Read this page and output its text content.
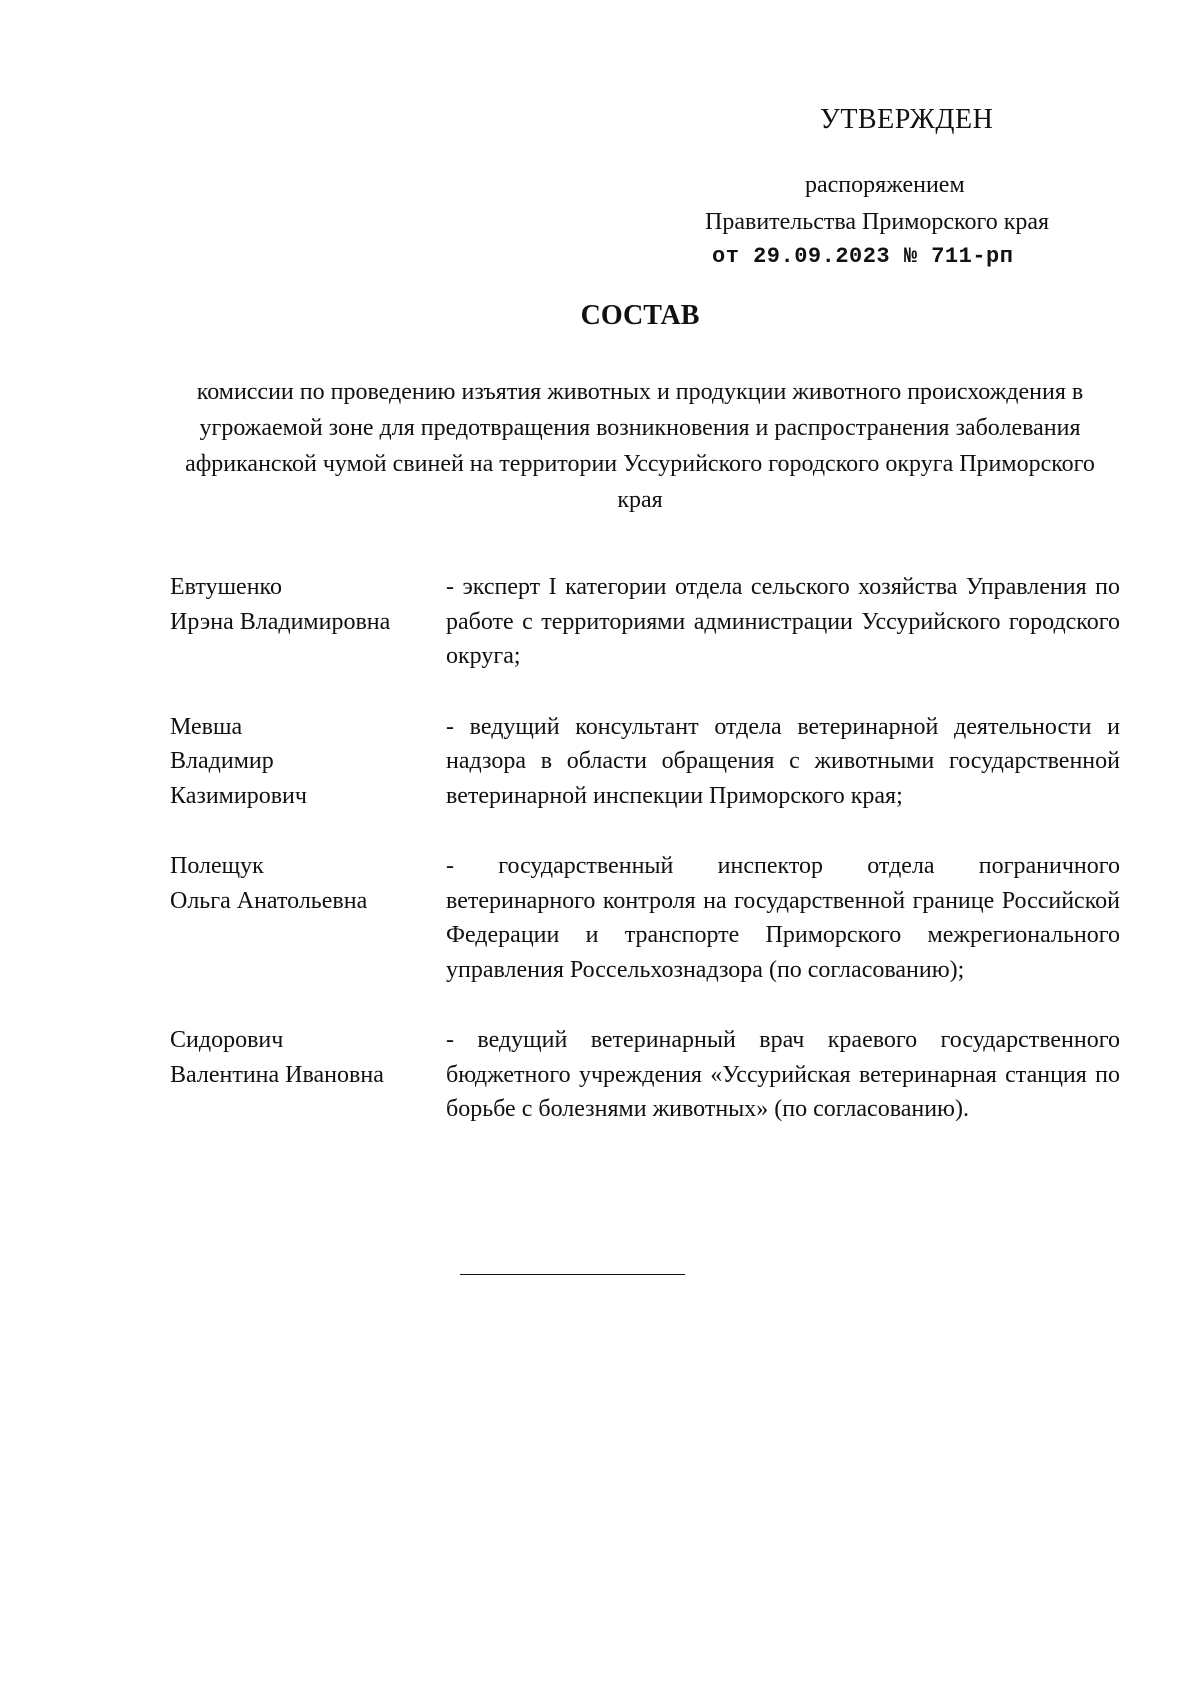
УТВЕРЖДЕН
распоряжением
Правительства Приморского края
от 29.09.2023 № 711-рп
СОСТАВ
комиссии по проведению изъятия животных и продукции животного происхождения в угрожаемой зоне для предотвращения возникновения и распространения заболевания африканской чумой свиней на территории Уссурийского городского округа Приморского края
Евтушенко
Ирэна Владимировна
- эксперт I категории отдела сельского хозяйства Управления по работе с территориями администрации Уссурийского городского округа;
Мевша
Владимир
Казимирович
- ведущий консультант отдела ветеринарной деятельности и надзора в области обращения с животными государственной ветеринарной инспекции Приморского края;
Полещук
Ольга Анатольевна
- государственный инспектор отдела пограничного ветеринарного контроля на государственной границе Российской Федерации и транспорте Приморского межрегионального управления Россельхознадзора (по согласованию);
Сидорович
Валентина Ивановна
- ведущий ветеринарный врач краевого государственного бюджетного учреждения «Уссурийская ветеринарная станция по борьбе с болезнями животных» (по согласованию).
